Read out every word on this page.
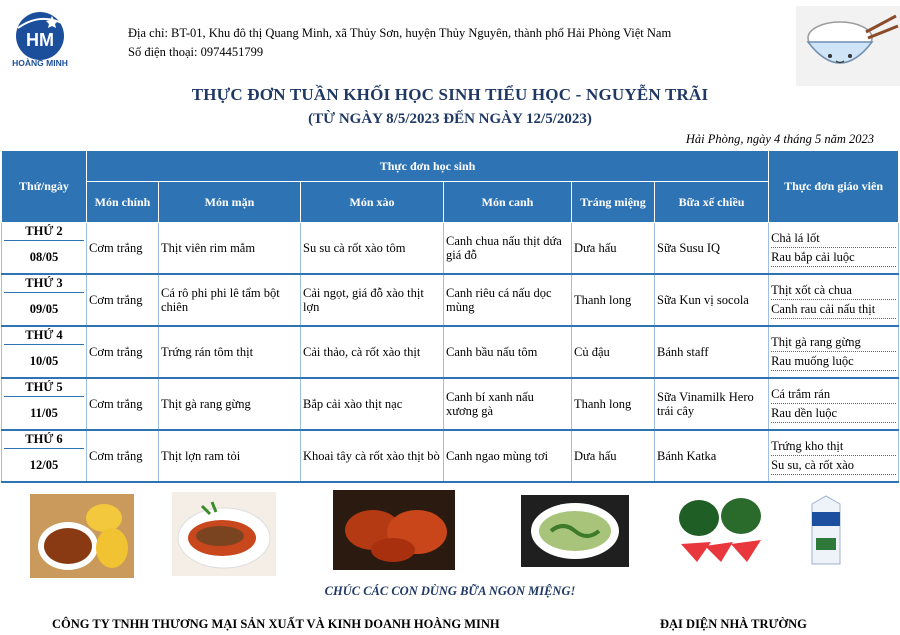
HM
HOÀNG MINH
Địa chỉ: BT-01, Khu đô thị Quang Minh, xã Thủy Sơn, huyện Thủy Nguyên, thành phố Hải Phòng Việt Nam
Số điện thoại: 0974451799
THỰC ĐƠN TUẦN KHỐI HỌC SINH TIỂU HỌC - NGUYỄN TRÃI
(TỪ NGÀY 8/5/2023 ĐẾN NGÀY 12/5/2023)
Hải Phòng, ngày 4 tháng 5 năm 2023
Thứ/ngày	Thực đơn học sinh						Thực đơn giáo viên
	Món chính	Món mặn	Món xào	Món canh	Tráng miệng	Bữa xế chiều	

THỨ 2
08/05	Cơm trắng	Thịt viên rim mắm	Su su cà rốt xào tôm	Canh chua nấu thịt dứa giá đỗ	Dưa hấu	Sữa Susu IQ	Chả lá lốt
Rau bắp cải luộc

THỨ 3
09/05	Cơm trắng	Cá rô phi phi lê tẩm bột chiên	Cải ngọt, giá đỗ xào thịt lợn	Canh riêu cá nấu dọc mùng	Thanh long	Sữa Kun vị socola	Thịt xốt cà chua
Canh rau cải nấu thịt

THỨ 4
10/05	Cơm trắng	Trứng rán tôm thịt	Cải thảo, cà rốt xào thịt	Canh bầu nấu tôm	Củ đậu	Bánh staff	Thịt gà rang gừng
Rau muống luộc

THỨ 5
11/05	Cơm trắng	Thịt gà rang gừng	Bắp cải xào thịt nạc	Canh bí xanh nấu xương gà	Thanh long	Sữa Vinamilk Hero trái cây	Cá trắm rán
Rau dền luộc

THỨ 6
12/05	Cơm trắng	Thịt lợn ram tỏi	Khoai tây cà rốt xào thịt bò	Canh ngao mùng tơi	Dưa hấu	Bánh Katka	Trứng kho thịt
Su su, cà rốt xào
CHÚC CÁC CON DÙNG BỮA NGON MIỆNG!
CÔNG TY TNHH THƯƠNG MẠI SẢN XUẤT VÀ KINH DOANH HOÀNG MINH	ĐẠI DIỆN NHÀ TRƯỜNG
